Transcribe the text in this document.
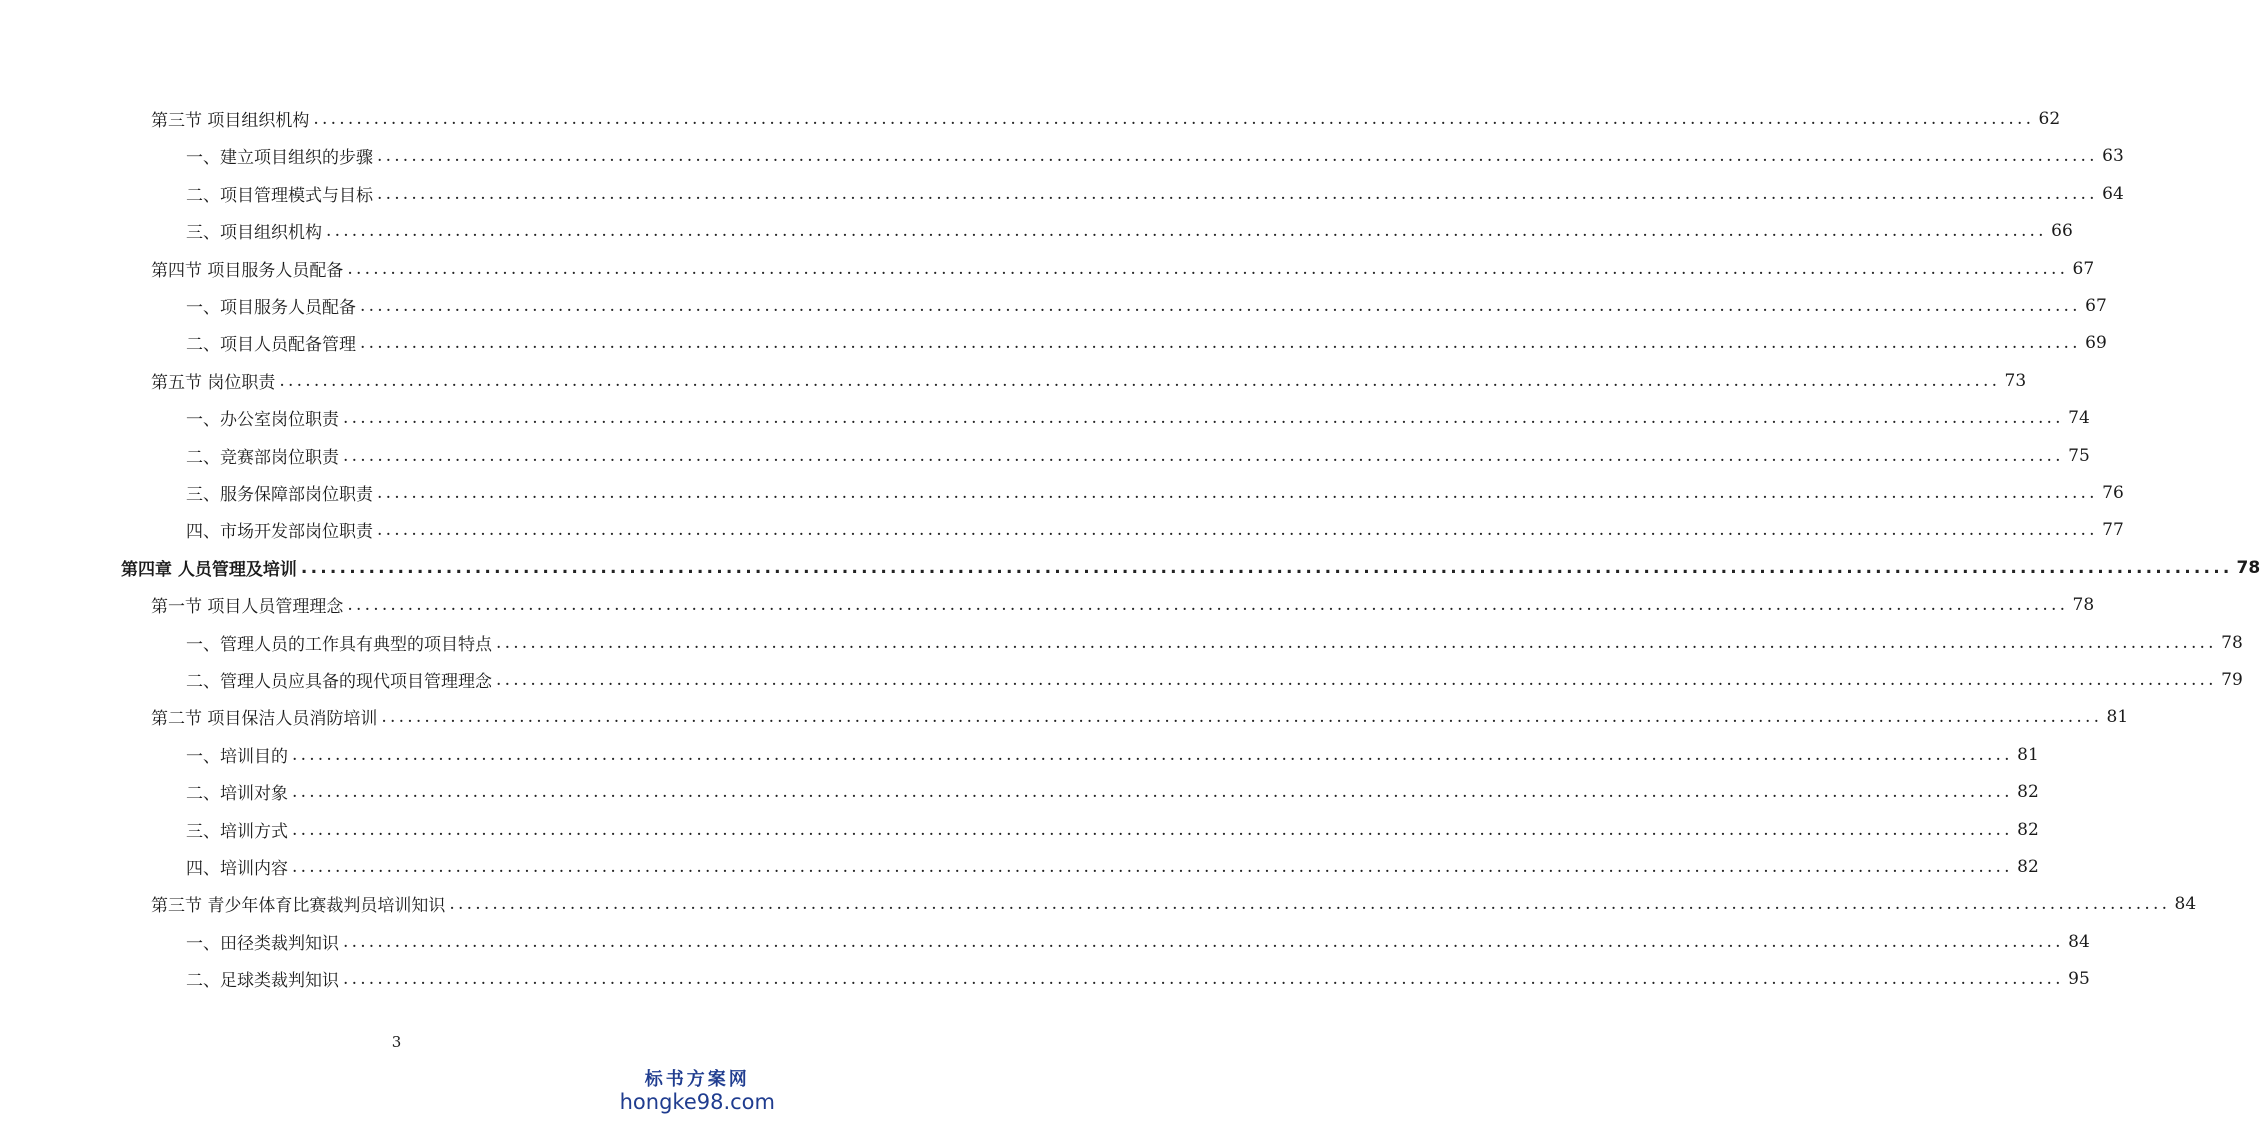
第三节 项目组织机构 ........................................................................................................................................................................................................ 62
一、建立项目组织的步骤 ........................................................................................................................................................................................................ 63
二、项目管理模式与目标 ........................................................................................................................................................................................................ 64
三、项目组织机构 ........................................................................................................................................................................................................ 66
第四节 项目服务人员配备 ........................................................................................................................................................................................................ 67
一、项目服务人员配备 ........................................................................................................................................................................................................ 67
二、项目人员配备管理 ........................................................................................................................................................................................................ 69
第五节 岗位职责 ........................................................................................................................................................................................................ 73
一、办公室岗位职责 ........................................................................................................................................................................................................ 74
二、竞赛部岗位职责 ........................................................................................................................................................................................................ 75
三、服务保障部岗位职责 ........................................................................................................................................................................................................ 76
四、市场开发部岗位职责 ........................................................................................................................................................................................................ 77
第四章 人员管理及培训 ........................................................................................................................................................................................................ 78
第一节 项目人员管理理念 ........................................................................................................................................................................................................ 78
一、管理人员的工作具有典型的项目特点 ........................................................................................................................................................................................................ 78
二、管理人员应具备的现代项目管理理念 ........................................................................................................................................................................................................ 79
第二节 项目保洁人员消防培训 ........................................................................................................................................................................................................ 81
一、培训目的 ........................................................................................................................................................................................................ 81
二、培训对象 ........................................................................................................................................................................................................ 82
三、培训方式 ........................................................................................................................................................................................................ 82
四、培训内容 ........................................................................................................................................................................................................ 82
第三节 青少年体育比赛裁判员培训知识 ........................................................................................................................................................................................................ 84
一、田径类裁判知识 ........................................................................................................................................................................................................ 84
二、足球类裁判知识 ........................................................................................................................................................................................................ 95
3
标书方案网
hongke98.com
